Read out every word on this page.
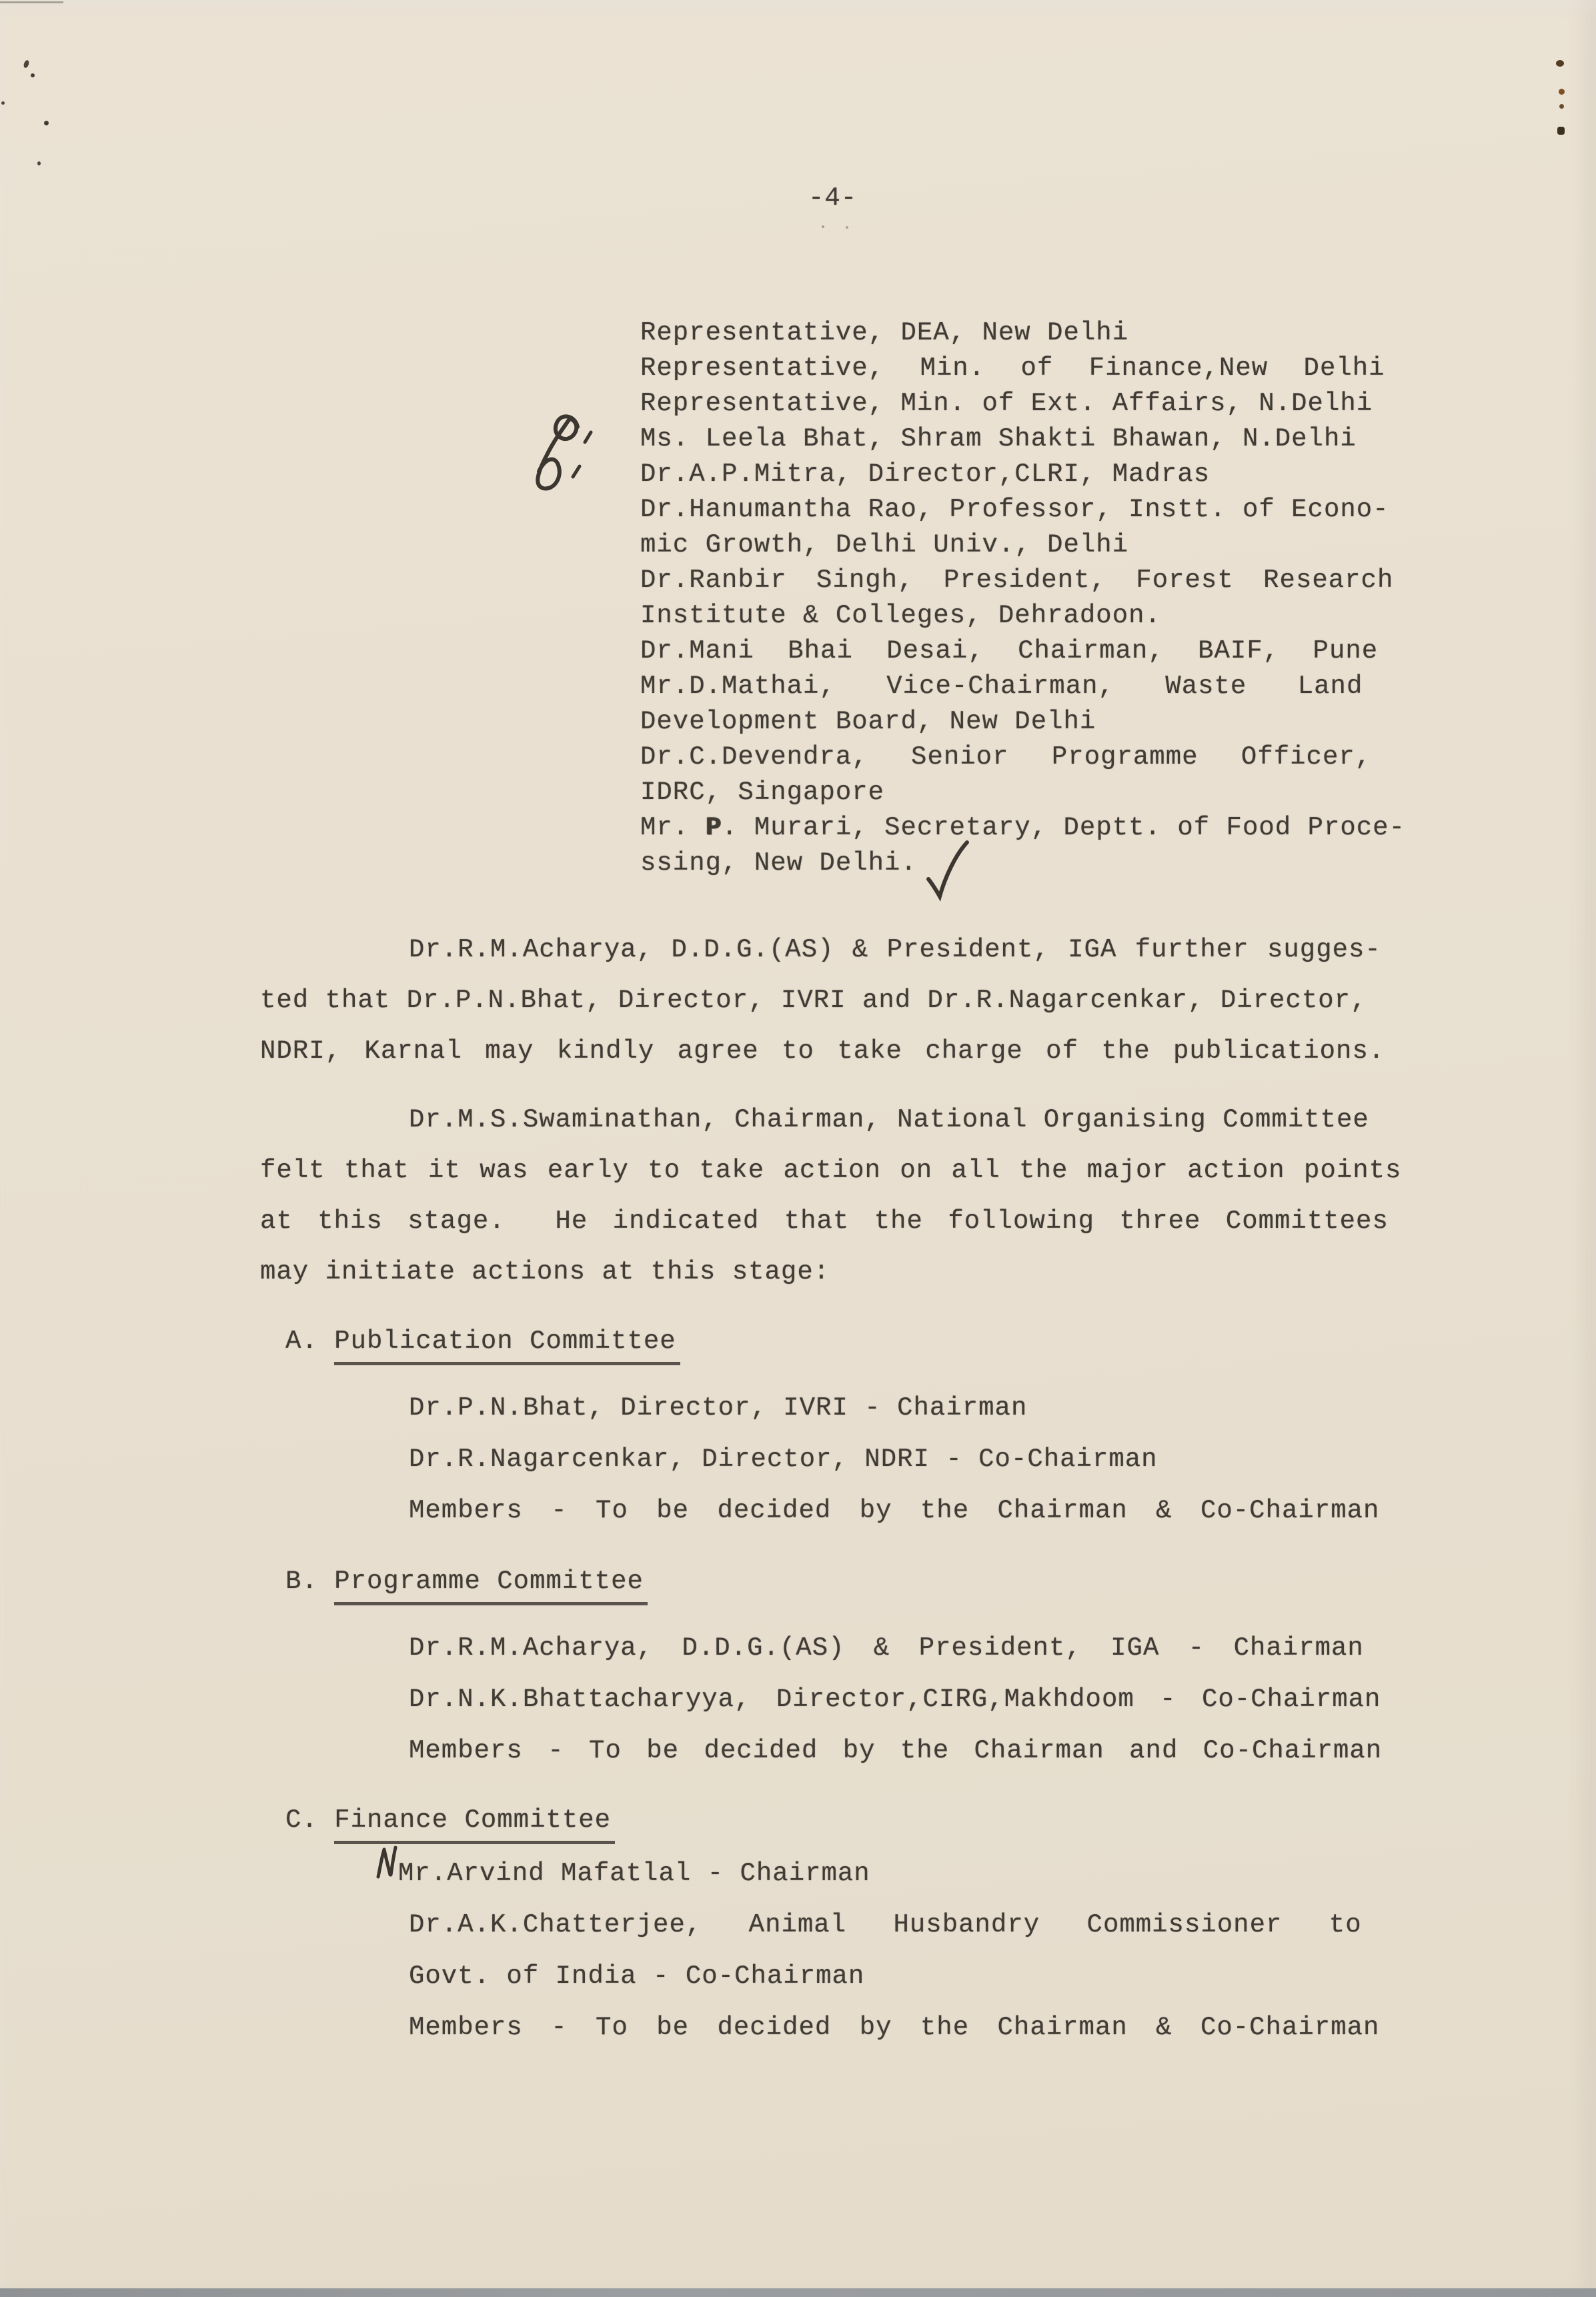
-4-
Representative, DEA, New Delhi
Representative, Min. of Finance,New Delhi
Representative, Min. of Ext. Affairs, N.Delhi
Ms. Leela Bhat, Shram Shakti Bhawan, N.Delhi
Dr.A.P.Mitra, Director,CLRI, Madras
Dr.Hanumantha Rao, Professor, Instt. of Econo-
mic Growth, Delhi Univ., Delhi
Dr.Ranbir Singh, President, Forest Research
Institute & Colleges, Dehradoon.
Dr.Mani Bhai Desai, Chairman, BAIF, Pune
Mr.D.Mathai, Vice-Chairman, Waste Land
Development Board, New Delhi
Dr.C.Devendra, Senior Programme Officer,
IDRC, Singapore
Mr. P. Murari, Secretary, Deptt. of Food Proce-
ssing, New Delhi.
Dr.R.M.Acharya, D.D.G.(AS) & President, IGA further sugges-
ted that Dr.P.N.Bhat, Director, IVRI and Dr.R.Nagarcenkar, Director,
NDRI, Karnal may kindly agree to take charge of the publications.
Dr.M.S.Swaminathan, Chairman, National Organising Committee
felt that it was early to take action on all the major action points
at this stage.  He indicated that the following three Committees
may initiate actions at this stage:
A. Publication Committee
Dr.P.N.Bhat, Director, IVRI - Chairman
Dr.R.Nagarcenkar, Director, NDRI - Co-Chairman
Members - To be decided by the Chairman & Co-Chairman
B. Programme Committee
Dr.R.M.Acharya, D.D.G.(AS) & President, IGA - Chairman
Dr.N.K.Bhattacharyya, Director,CIRG,Makhdoom - Co-Chairman
Members - To be decided by the Chairman and Co-Chairman
C. Finance Committee
Mr.Arvind Mafatlal - Chairman
Dr.A.K.Chatterjee, Animal Husbandry Commissioner to
Govt. of India - Co-Chairman
Members - To be decided by the Chairman & Co-Chairman
